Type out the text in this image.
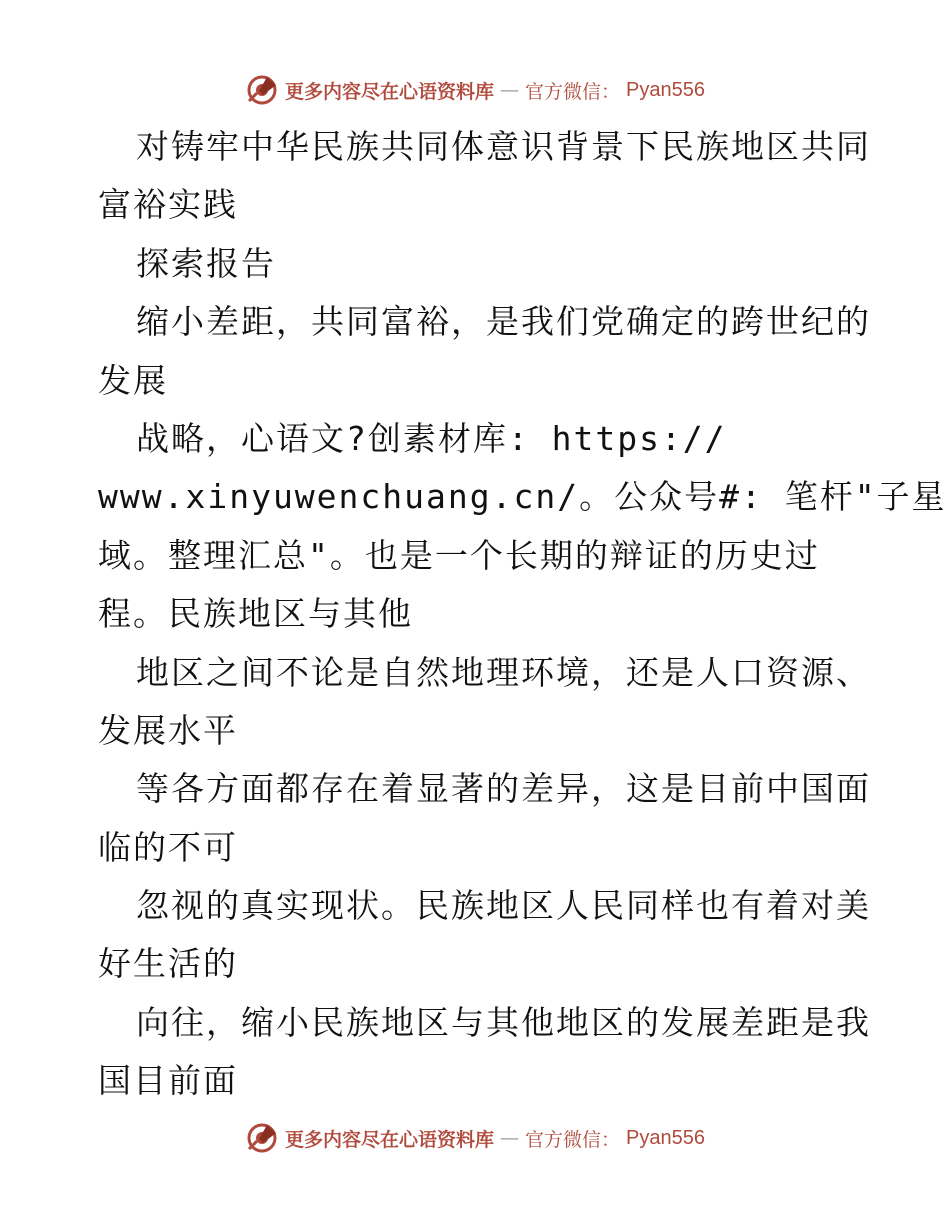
更多内容尽在心语资料库 — 官方微信： Pyan556
对铸牢中华民族共同体意识背景下民族地区共同
富裕实践
探索报告
缩小差距，共同富裕，是我们党确定的跨世纪的
发展
战略，心语文?创素材库: https://
www.xinyuwenchuang.cn/。公众号#: 笔杆"子星
域。整理汇总"。也是一个长期的辩证的历史过
程。民族地区与其他
地区之间不论是自然地理环境，还是人口资源、
发展水平
等各方面都存在着显著的差异，这是目前中国面
临的不可
忽视的真实现状。民族地区人民同样也有着对美
好生活的
向往，缩小民族地区与其他地区的发展差距是我
国目前面
更多内容尽在心语资料库 — 官方微信： Pyan556
